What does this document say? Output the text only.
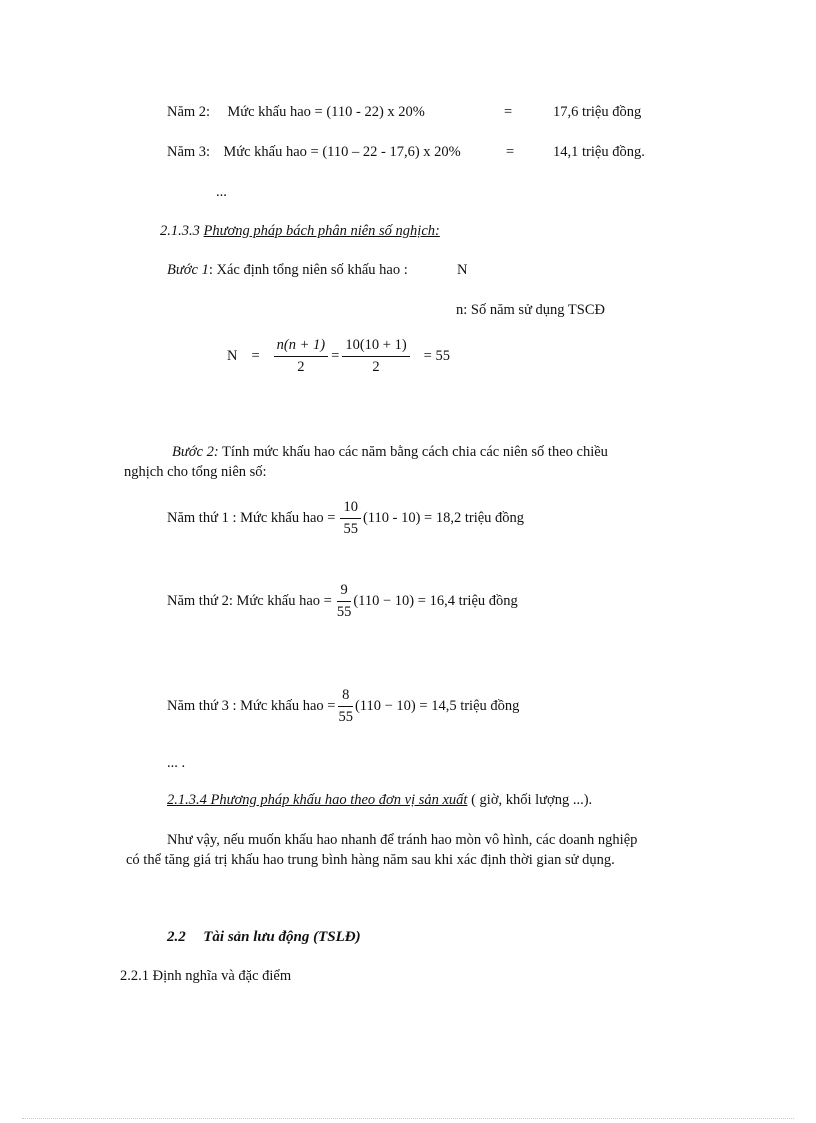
Năm 2: Mức khấu hao = (110 - 22) x 20%	=	17,6 triệu đồng
Năm 3: Mức khấu hao = (110 – 22 - 17,6) x 20%	=	14,1 triệu đồng.
...
2.1.3.3 Phương pháp bách phân niên số nghịch:
Bước 1: Xác định tổng niên số khấu hao :	N
n: Số năm sử dụng TSCĐ
$N = \frac{n(n + 1)}{2} = \frac{10(10 + 1)}{2} = 55$
Bước 2: Tính mức khấu hao các năm bằng cách chia các niên số theo chiều
nghịch cho tổng niên số:
Năm thứ 1 : Mức khấu hao = $\frac{10}{55} (110 - 10) = 18,2$ triệu đồng
Năm thứ 2: Mức khấu hao = $\frac{9}{55} (110 - 10) = 16,4$ triệu đồng
Năm thứ 3 : Mức khấu hao = $\frac{8}{55} (110 - 10) = 14,5$ triệu đồng
... .
2.1.3.4 Phương pháp khấu hao theo đơn vị sản xuất ( giờ, khối lượng ...).
Như vậy, nếu muốn khấu hao nhanh để tránh hao mòn vô hình, các doanh nghiệp
có thể tăng giá trị khấu hao trung bình hàng năm sau khi xác định thời gian sử dụng.
2.2 Tài sản lưu động (TSLĐ)
2.2.1 Định nghĩa và đặc điểm
